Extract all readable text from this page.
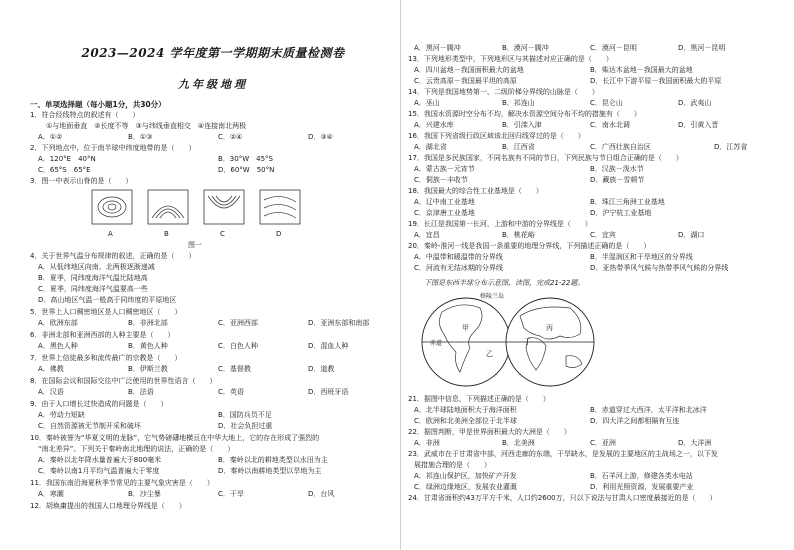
2023—2024 学年度第一学期期末质量检测卷
九年级地理
一、单项选择题（每小题1分，共30分）
1．符合经线特点的叙述有（　　）
①与地面垂直　②长度不等　③与纬线垂直相交　④连接南北两极
A．①②	B．①③	C．②④	D．③④
2．下列地点中，位于南半球中纬度地带的是（　　）
A．120°E　40°N	B．30°W　45°S
C．65°S　65°E	D．60°W　50°N
3．图一中表示山脊的是（　　）
A	B	C	D
图一
4．关于世界气温分布规律的叙述，正确的是（　　）
A．从低纬地区向南、北两极逐渐递减
B．夏季，同纬度海洋气温比陆地高
C．夏季，同纬度海洋气温要高一些
D．高山地区气温一般高于同纬度的平原地区
5．世界上人口稠密地区是人口稠密地区（　　）
A．欧洲东部	B．非洲北部	C．亚洲西部	D．亚洲东部和南部
6．非洲北部和亚洲西部的人种主要是（　　）
A．黑色人种	B．黄色人种	C．白色人种	D．混血人种
7．世界上信徒最多和流传最广的宗教是（　　）
A．佛教	B．伊斯兰教	C．基督教	D．道教
8．在国际会议和国际交往中广泛使用的世界性语言（　　）
A．汉语	B．法语	C．英语	D．西班牙语
9．由于人口增长过快造成的问题是（　　）
A．劳动力短缺	B．国防兵员不足
C．自然资源被无节制开采和破坏	D．社会负担过重
10．秦岭被誉为“华夏文明的龙脉”，它气势磅礴地横亘在中华大地上，它的存在形成了强烈的
“南北差异”。下列关于秦岭南北地理的说法，正确的是（　　）
A．秦岭以北年降水量普遍大于800毫米	B．秦岭以北的耕地类型以水田为主
C．秦岭以南1月平均气温普遍大于零度	D．秦岭以南耕地类型以旱地为主
11．我国东南沿海夏秋季节常见的主要气象灾害是（　　）
A．寒潮	B．沙尘暴	C．干旱	D．台风
12．胡焕庸提出的我国人口地理分界线是（　　）
A．黑河－腾冲	B．漠河－腾冲	C．漠河－昆明	D．黑河－昆明
13．下列地形类型中，下列地形区与其描述对应正确的是（　　）
A．四川盆地－我国面积最大的盆地	B．柴达木盆地－我国最大的盆地
C．云贵高原－我国最平坦的高原	D．长江中下游平原－我国面积最大的平原
14．下列是我国地势第一、二级阶梯分界线的山脉是（　　）
A．巫山	B．祁连山	C．昆仑山	D．武夷山
15．我国水资源时空分布不均，解决水资源空间分布不均的措施有（　　）
A．兴建水库	B．引滦入津	C．南水北调	D．引黄入晋
16．我国下列省级行政区域该北回归线穿过的是（　　）
A．湖北省	B．江西省	C．广西壮族自治区	D．江苏省
17．我国是多民族国家，不同名族有不同的节日，下列民族与节日组合正确的是（　　）
A．蒙古族－元宵节	B．汉族－泼水节
C．侗族－丰收节	D．藏族－雪顿节
18．我国最大的综合性工业基地是（　　）
A．辽中南工业基地	B．珠江三角洲工业基地
C．京津唐工业基地	D．沪宁杭工业基地
19．长江是我国第一长河，上游和中游的分界线是（　　）
A．宜昌	B．桃花峪	C．宜宾	D．湖口
20．秦岭-淮河一线是我国一条重要的地理分界线，下列描述正确的是（　　）
A．中温带和暖温带的分界线	B．半湿润区和干旱地区的分界线
C．河流有无结冰期的分界线	D．亚热带季风气候与热带季风气候的分界线
下图是东西半球分布示意图，读图，完成21-22题。
格陵兰岛
甲
乙
丙
丁
赤道
21．据图中信息，下列描述正确的是（　　）
A．北半球陆地面积大于海洋面积	B．赤道穿过大西洋，太平洋和北冰洋
C．欧洲和北美洲全部位于北半球	D．四大洋之间都相隔有互连
22．据图判断，甲是世界面积最大的大洲是（　　）
A．非洲	B．北美洲	C．亚洲	D．大洋洲
23．武威市在于甘肃省中部，河西走廊的东端，干旱缺水，是发展的主要地区的主战场之一，以下发
展措施合理的是（　　）
A．祁连山保护区，加快矿产开发	B．石羊河上游，修建各类水电站
C．绿洲边缘地区，发展农业灌溉	D．利用光照资源，发展重要产业
24．甘肃省面积约43万平方千米，人口约2600万，只以下说法与甘肃人口密度最接近的是（　　）
